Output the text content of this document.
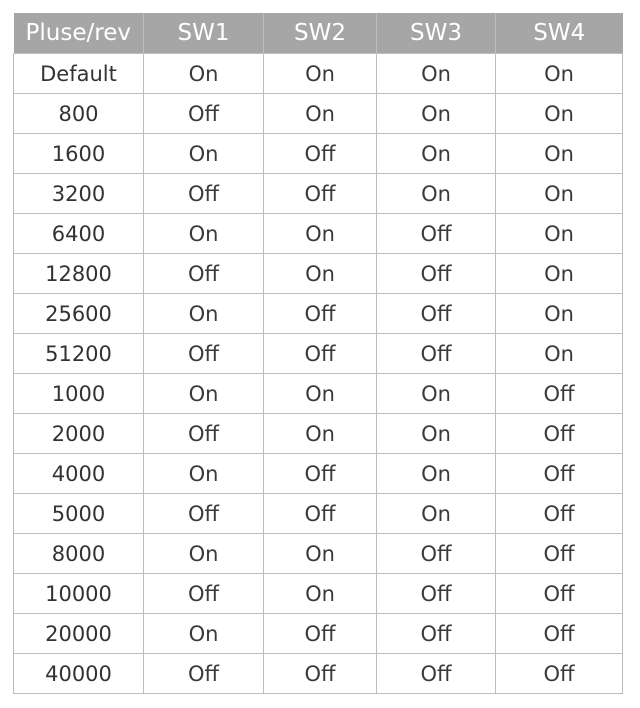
Pluse/rev	SW1	SW2	SW3	SW4
Default	On	On	On	On
800	Off	On	On	On
1600	On	Off	On	On
3200	Off	Off	On	On
6400	On	On	Off	On
12800	Off	On	Off	On
25600	On	Off	Off	On
51200	Off	Off	Off	On
1000	On	On	On	Off
2000	Off	On	On	Off
4000	On	Off	On	Off
5000	Off	Off	On	Off
8000	On	On	Off	Off
10000	Off	On	Off	Off
20000	On	Off	Off	Off
40000	Off	Off	Off	Off
